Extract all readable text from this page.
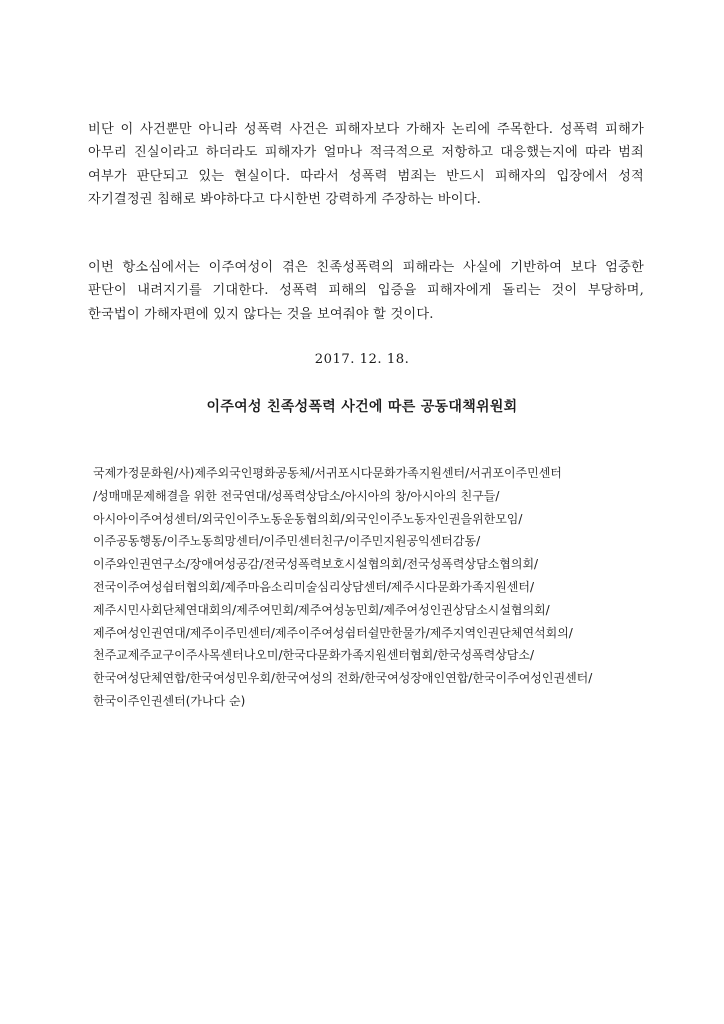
비단 이 사건뿐만 아니라 성폭력 사건은 피해자보다 가해자 논리에 주목한다. 성폭력 피해가 아무리 진실이라고 하더라도 피해자가 얼마나 적극적으로 저항하고 대응했는지에 따라 범죄 여부가 판단되고 있는 현실이다. 따라서 성폭력 범죄는 반드시 피해자의 입장에서 성적 자기결정권 침해로 봐야하다고 다시한번 강력하게 주장하는 바이다.

이번 항소심에서는 이주여성이 겪은 친족성폭력의 피해라는 사실에 기반하여 보다 엄중한 판단이 내려지기를 기대한다. 성폭력 피해의 입증을 피해자에게 돌리는 것이 부당하며, 한국법이 가해자편에 있지 않다는 것을 보여줘야 할 것이다.

2017. 12. 18.
이주여성 친족성폭력 사건에 따른 공동대책위원회
국제가정문화원/사)제주외국인평화공동체/서귀포시다문화가족지원센터/서귀포이주민센터
/성매매문제해결을 위한 전국연대/성폭력상담소/아시아의 창/아시아의 친구들/
아시아이주여성센터/외국인이주노동운동협의회/외국인이주노동자인권을위한모임/
이주공동행동/이주노동희망센터/이주민센터친구/이주민지원공익센터감동/
이주와인권연구소/장애여성공감/전국성폭력보호시설협의회/전국성폭력상담소협의회/
전국이주여성쉼터협의회/제주마음소리미술심리상담센터/제주시다문화가족지원센터/
제주시민사회단체연대회의/제주여민회/제주여성농민회/제주여성인권상담소시설협의회/
제주여성인권연대/제주이주민센터/제주이주여성쉼터쉴만한물가/제주지역인권단체연석회의/
천주교제주교구이주사목센터나오미/한국다문화가족지원센터협회/한국성폭력상담소/
한국여성단체연합/한국여성민우회/한국여성의 전화/한국여성장애인연합/한국이주여성인권센터/
한국이주인권센터(가나다 순)
